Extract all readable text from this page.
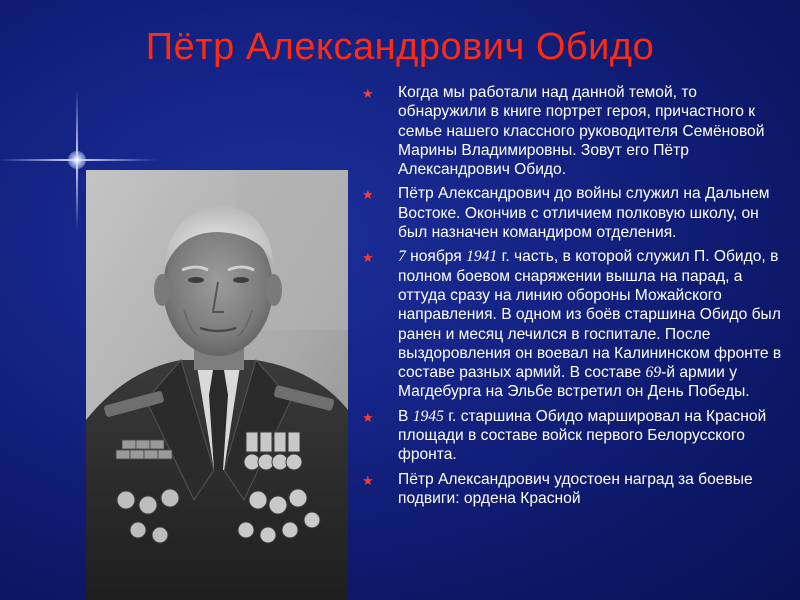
Пётр Александрович Обидо
★ Когда мы работали над данной темой, то обнаружили в книге портрет героя, причастного к семье нашего классного руководителя Семёновой Марины Владимировны. Зовут его Пётр Александрович Обидо.
★ Пётр Александрович до войны служил на Дальнем Востоке. Окончив с отличием полковую школу, он был назначен командиром отделения.
★ 7 ноября 1941 г. часть, в которой служил П. Обидо, в полном боевом снаряжении вышла на парад, а оттуда сразу на линию обороны Можайского направления. В одном из боёв старшина Обидо был ранен и месяц лечился в госпитале. После выздоровления он воевал на Калининском фронте в составе разных армий. В составе 69-й армии у Магдебурга на Эльбе встретил он День Победы.
★ В 1945 г. старшина Обидо маршировал на Красной площади в составе войск первого Белорусского фронта.
★ Пётр Александрович удостоен наград за боевые подвиги: ордена Красной
